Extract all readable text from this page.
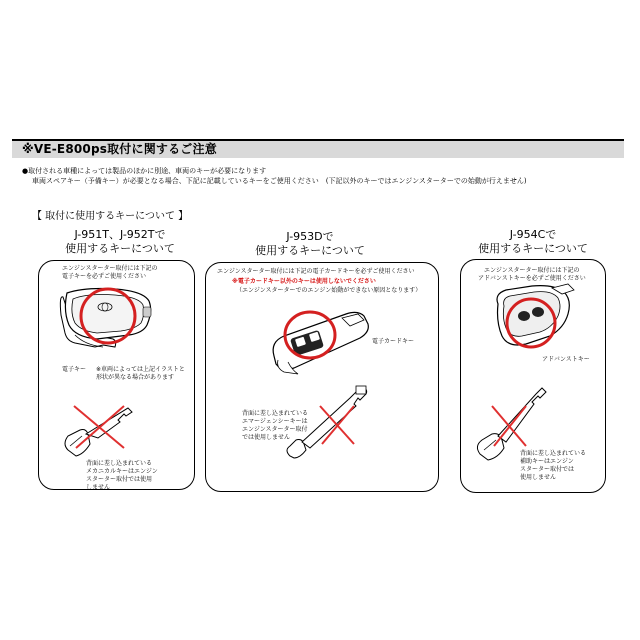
※VE-E800ps取付に関するご注意
●取付される車種によっては製品のほかに別途、車両のキーが必要になります
車両スペアキー（予備キー）が必要となる場合、下記に記載しているキーをご使用ください　(下記以外のキーではエンジンスターターでの始動が行えません)
【 取付に使用するキーについて 】
J-951T、J-952Tで
使用するキーについて
J-953Dで
使用するキーについて
J-954Cで
使用するキーについて
エンジンスターター取付には下記の
電子キーを必ずご使用ください
電子キー ※車両によっては上記イラストと
形状が異なる場合があります
背面に差し込まれている
メカニカルキーはエンジン
スターター取付では使用
しません
エンジンスターター取付には下記の電子カードキーを必ずご使用ください
※電子カードキー以外のキーは使用しないでください
（エンジンスターターでのエンジン始動ができない原因となります）
電子カードキー
背面に差し込まれている
エマージェンシーキーは
エンジンスターター取付
では使用しません
エンジンスターター取付には下記の
アドバンストキーを必ずご使用ください
アドバンストキー
背面に差し込まれている
補助キーはエンジン
スターター取付では
使用しません
